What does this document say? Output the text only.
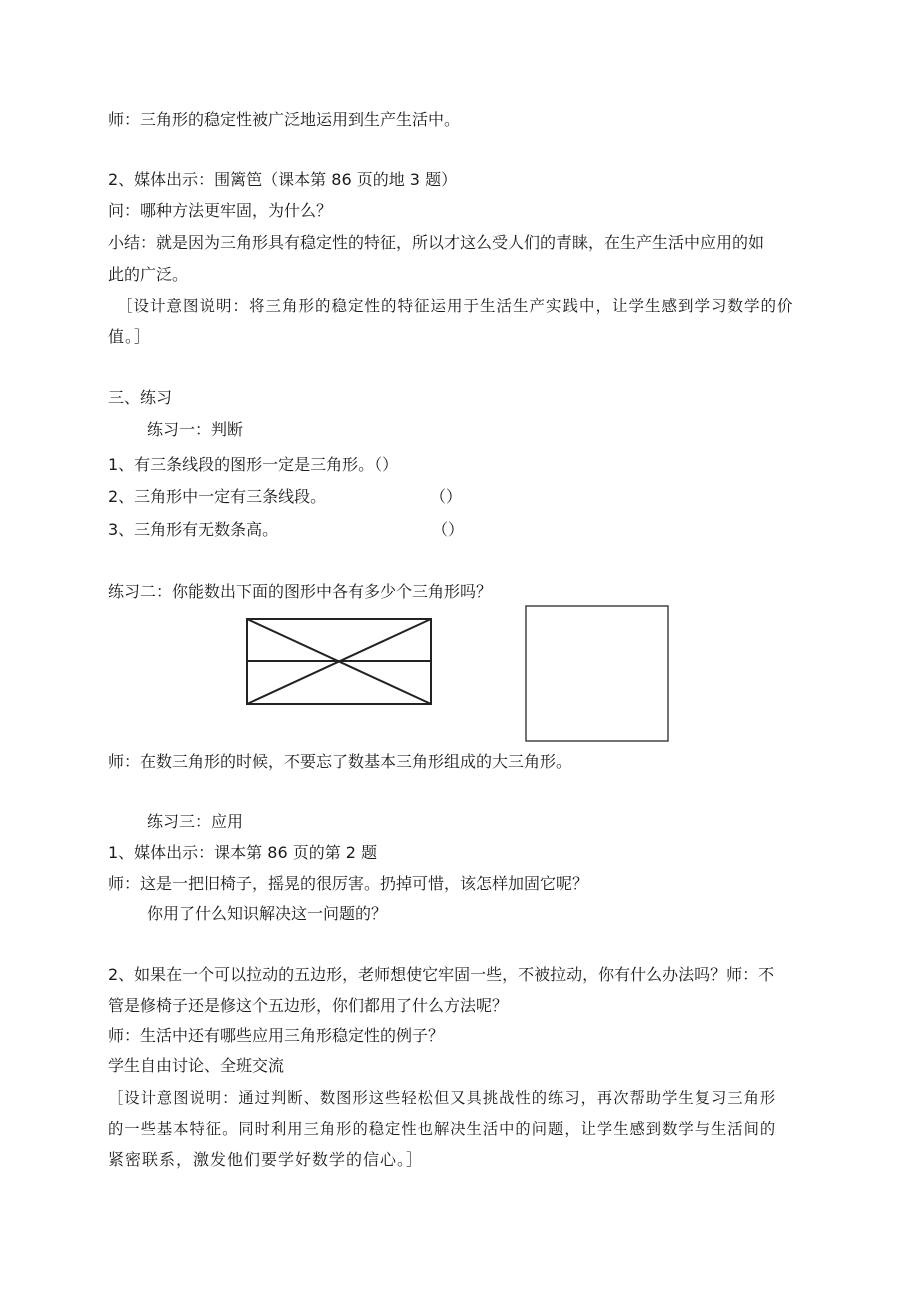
师：三角形的稳定性被广泛地运用到生产生活中。
2、媒体出示：围篱笆（课本第 86 页的地 3 题）
问：哪种方法更牢固，为什么？
小结：就是因为三角形具有稳定性的特征，所以才这么受人们的青睐，在生产生活中应用的如
此的广泛。
［设计意图说明：将三角形的稳定性的特征运用于生活生产实践中，让学生感到学习数学的价
值。］
三、练习
练习一：判断
1、有三条线段的图形一定是三角形。（）
2、三角形中一定有三条线段。	（）
3、三角形有无数条高。	（）
练习二：你能数出下面的图形中各有多少个三角形吗？
师：在数三角形的时候，不要忘了数基本三角形组成的大三角形。
练习三：应用
1、媒体出示：课本第 86 页的第 2 题
师：这是一把旧椅子，摇晃的很厉害。扔掉可惜，该怎样加固它呢？
你用了什么知识解决这一问题的？
2、如果在一个可以拉动的五边形，老师想使它牢固一些，不被拉动，你有什么办法吗？师：不
管是修椅子还是修这个五边形，你们都用了什么方法呢？
师：生活中还有哪些应用三角形稳定性的例子？
学生自由讨论、全班交流
［设计意图说明：通过判断、数图形这些轻松但又具挑战性的练习，再次帮助学生复习三角形
的一些基本特征。同时利用三角形的稳定性也解决生活中的问题，让学生感到数学与生活间的
紧密联系，激发他们要学好数学的信心。］
